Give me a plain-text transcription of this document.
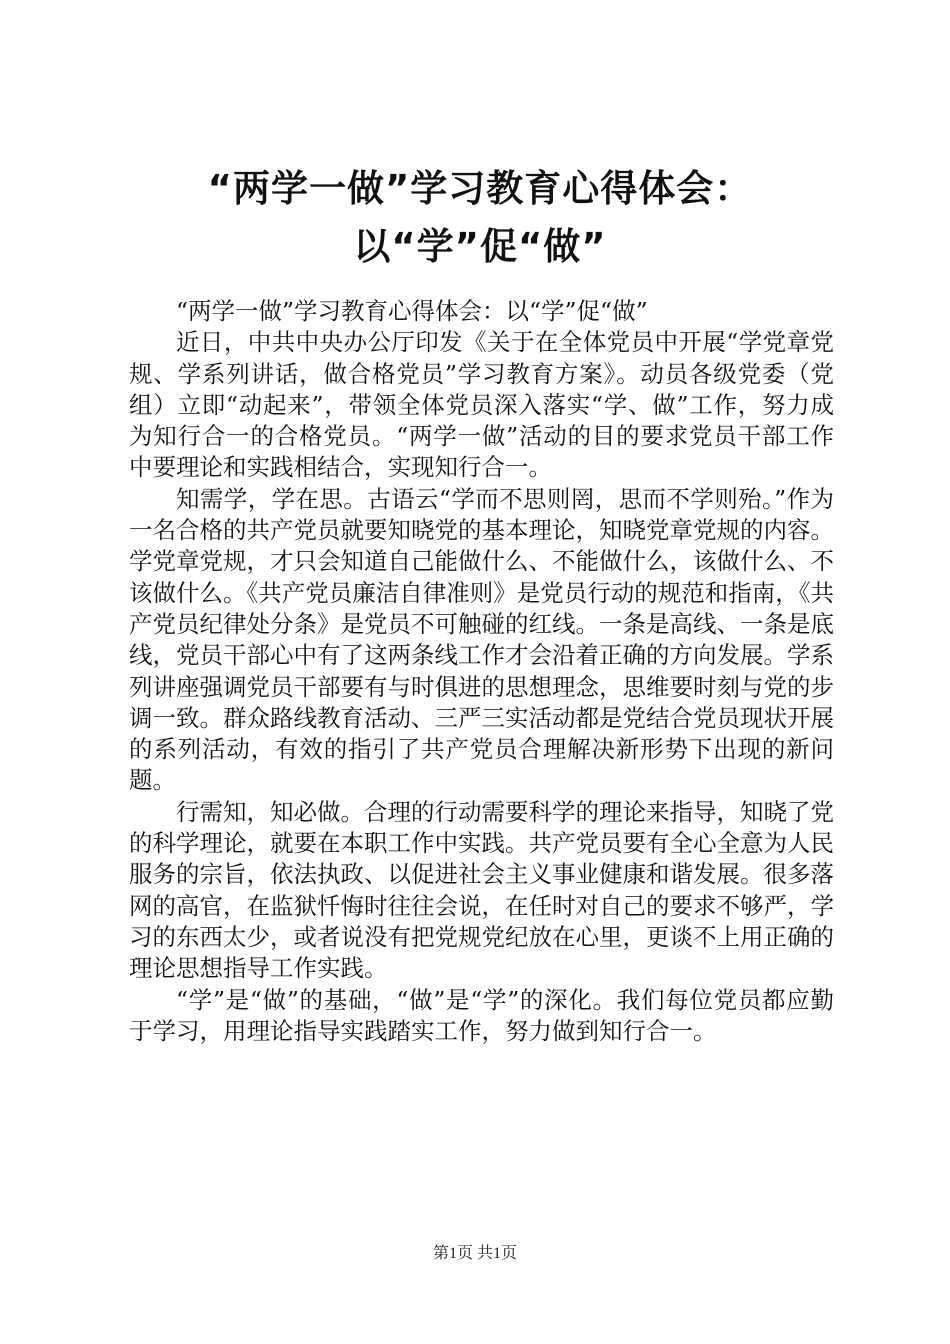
“两学一做”学习教育心得体会：以“学”促“做”

“两学一做”学习教育心得体会：以“学”促“做”

近日，中共中央办公厅印发《关于在全体党员中开展“学党章党规、学系列讲话，做合格党员”学习教育方案》。动员各级党委（党组）立即“动起来”，带领全体党员深入落实“学、做”工作，努力成为知行合一的合格党员。“两学一做”活动的目的要求党员干部工作中要理论和实践相结合，实现知行合一。

知需学，学在思。古语云“学而不思则罔，思而不学则殆。”作为一名合格的共产党员就要知晓党的基本理论，知晓党章党规的内容。学党章党规，才只会知道自己能做什么、不能做什么，该做什么、不该做什么。《共产党员廉洁自律准则》是党员行动的规范和指南，《共产党员纪律处分条》是党员不可触碰的红线。一条是高线、一条是底线，党员干部心中有了这两条线工作才会沿着正确的方向发展。学系列讲座强调党员干部要有与时俱进的思想理念，思维要时刻与党的步调一致。群众路线教育活动、三严三实活动都是党结合党员现状开展的系列活动，有效的指引了共产党员合理解决新形势下出现的新问题。

行需知，知必做。合理的行动需要科学的理论来指导，知晓了党的科学理论，就要在本职工作中实践。共产党员要有全心全意为人民服务的宗旨，依法执政、以促进社会主义事业健康和谐发展。很多落网的高官，在监狱忏悔时往往会说，在任时对自己的要求不够严，学习的东西太少，或者说没有把党规党纪放在心里，更谈不上用正确的理论思想指导工作实践。

“学”是“做”的基础，“做”是“学”的深化。我们每位党员都应勤于学习，用理论指导实践踏实工作，努力做到知行合一。

第1页 共1页
